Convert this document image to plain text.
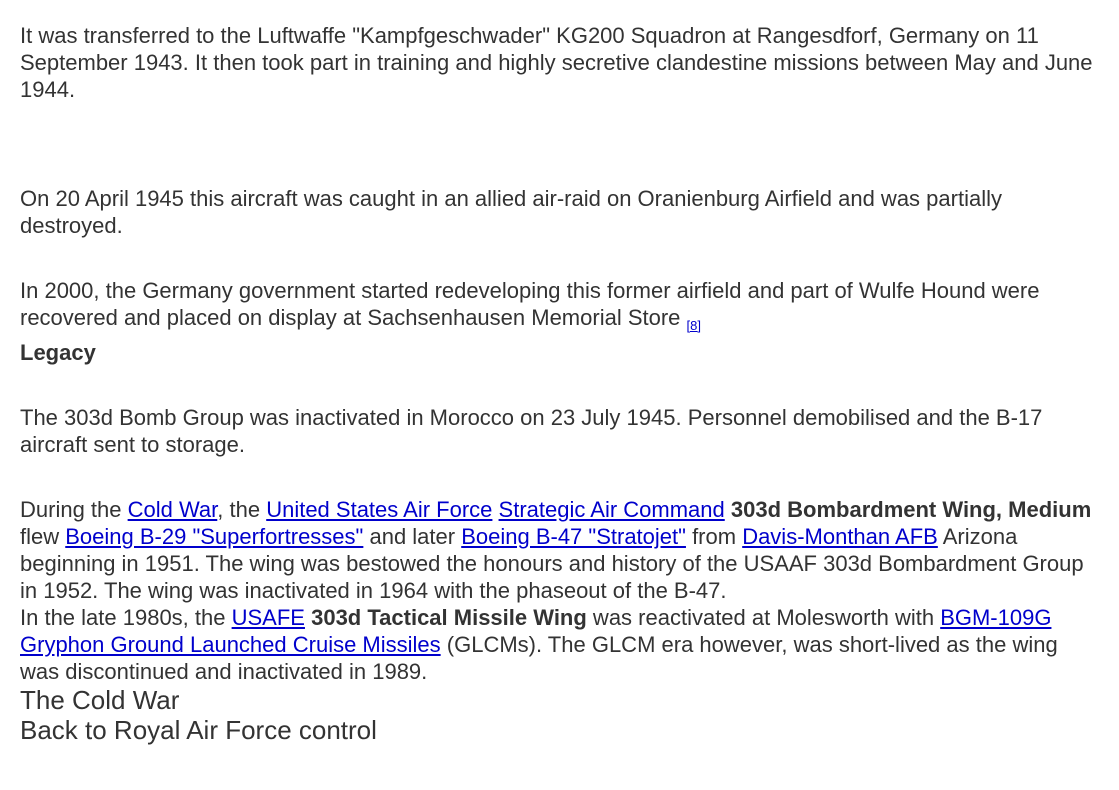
It was transferred to the Luftwaffe "Kampfgeschwader" KG200 Squadron at Rangesdforf, Germany on 11 September 1943. It then took part in training and highly secretive clandestine missions between May and June 1944.

On 20 April 1945 this aircraft was caught in an allied air-raid on Oranienburg Airfield and was partially destroyed.

In 2000, the Germany government started redeveloping this former airfield and part of Wulfe Hound were recovered and placed on display at Sachsenhausen Memorial Store $_{[8]}$

Legacy

The 303d Bomb Group was inactivated in Morocco on 23 July 1945. Personnel demobilised and the B-17 aircraft sent to storage.

During the Cold War, the United States Air Force Strategic Air Command 303d Bombardment Wing, Medium flew Boeing B-29 "Superfortresses" and later Boeing B-47 "Stratojet" from Davis-Monthan AFB Arizona beginning in 1951. The wing was bestowed the honours and history of the USAAF 303d Bombardment Group in 1952. The wing was inactivated in 1964 with the phaseout of the B-47.

In the late 1980s, the USAFE 303d Tactical Missile Wing was reactivated at Molesworth with BGM-109G Gryphon Ground Launched Cruise Missiles (GLCMs). The GLCM era however, was short-lived as the wing was discontinued and inactivated in 1989.

The Cold War

Back to Royal Air Force control
